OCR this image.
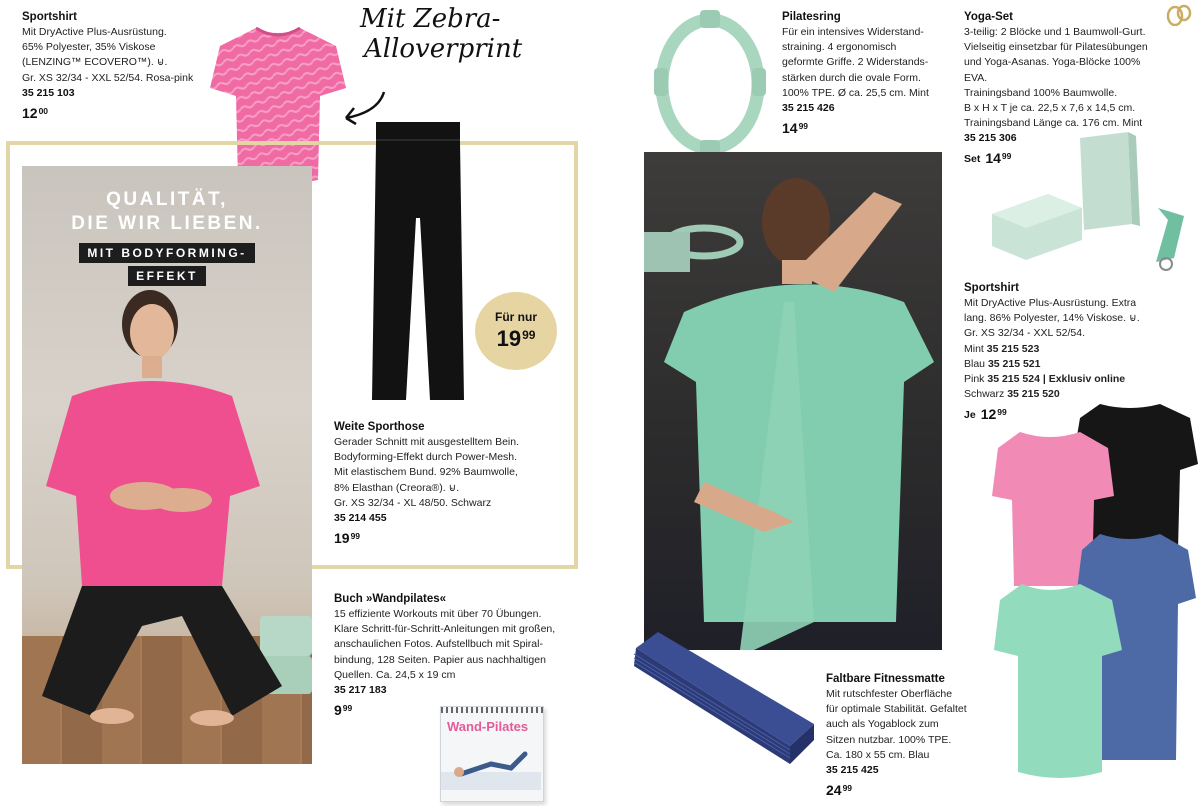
Sportshirt
Mit DryActive Plus-Ausrüstung.
65% Polyester, 35% Viskose
(LENZING™ ECOVERO™). ⊌.
Gr. XS 32/34 - XXL 52/54. Rosa-pink
35 215 103
12 00
Mit Zebra-
Alloverprint
QUALITÄT,
DIE WIR LIEBEN.
MIT BODYFORMING-
EFFEKT
Für nur
19 99
Weite Sporthose
Gerader Schnitt mit ausgestelltem Bein.
Bodyforming-Effekt durch Power-Mesh.
Mit elastischem Bund. 92% Baumwolle,
8% Elasthan (Creora®). ⊌.
Gr. XS 32/34 - XL 48/50. Schwarz
35 214 455
19 99
Buch »Wandpilates«
15 effiziente Workouts mit über 70 Übungen.
Klare Schritt-für-Schritt-Anleitungen mit großen,
anschaulichen Fotos. Aufstellbuch mit Spiral-
bindung, 128 Seiten. Papier aus nachhaltigen
Quellen. Ca. 24,5 x 19 cm
35 217 183
9 99
Wand-Pilates
Pilatesring
Für ein intensives Widerstand-
straining. 4 ergonomisch
geformte Griffe. 2 Widerstands-
stärken durch die ovale Form.
100% TPE. Ø ca. 25,5 cm. Mint
35 215 426
14 99
Yoga-Set
3-teilig: 2 Blöcke und 1 Baumwoll-Gurt.
Vielseitig einsetzbar für Pilatesübungen
und Yoga-Asanas. Yoga-Blöcke 100% EVA.
Trainingsband 100% Baumwolle.
B x H x T je ca. 22,5 x 7,6 x 14,5 cm.
Trainingsband Länge ca. 176 cm. Mint
35 215 306
Set 14 99
Faltbare Fitnessmatte
Mit rutschfester Oberfläche
für optimale Stabilität. Gefaltet
auch als Yogablock zum
Sitzen nutzbar. 100% TPE.
Ca. 180 x 55 cm. Blau
35 215 425
24 99
Sportshirt
Mit DryActive Plus-Ausrüstung. Extra
lang. 86% Polyester, 14% Viskose. ⊌.
Gr. XS 32/34 - XXL 52/54.
Mint 35 215 523
Blau 35 215 521
Pink 35 215 524 | Exklusiv online
Schwarz 35 215 520
Je 12 99
